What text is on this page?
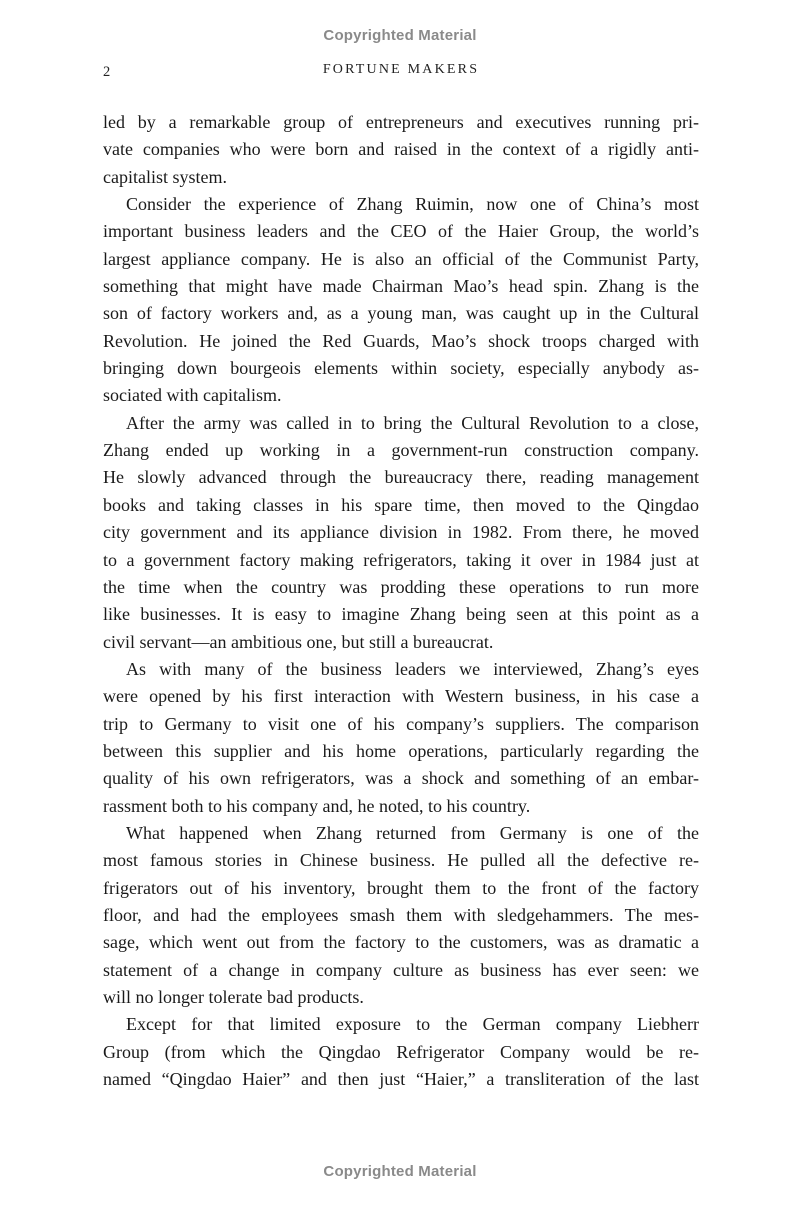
Copyrighted Material
2	FORTUNE MAKERS
led by a remarkable group of entrepreneurs and executives running pri-
vate companies who were born and raised in the context of a rigidly anti-
capitalist system.
Consider the experience of Zhang Ruimin, now one of China’s most
important business leaders and the CEO of the Haier Group, the world’s
largest appliance company. He is also an official of the Communist Party,
something that might have made Chairman Mao’s head spin. Zhang is the
son of factory workers and, as a young man, was caught up in the Cultural
Revolution. He joined the Red Guards, Mao’s shock troops charged with
bringing down bourgeois elements within society, especially anybody as-
sociated with capitalism.
After the army was called in to bring the Cultural Revolution to a close,
Zhang ended up working in a government-run construction company.
He slowly advanced through the bureaucracy there, reading management
books and taking classes in his spare time, then moved to the Qingdao
city government and its appliance division in 1982. From there, he moved
to a government factory making refrigerators, taking it over in 1984 just at
the time when the country was prodding these operations to run more
like businesses. It is easy to imagine Zhang being seen at this point as a
civil servant—an ambitious one, but still a bureaucrat.
As with many of the business leaders we interviewed, Zhang’s eyes
were opened by his first interaction with Western business, in his case a
trip to Germany to visit one of his company’s suppliers. The comparison
between this supplier and his home operations, particularly regarding the
quality of his own refrigerators, was a shock and something of an embar-
rassment both to his company and, he noted, to his country.
What happened when Zhang returned from Germany is one of the
most famous stories in Chinese business. He pulled all the defective re-
frigerators out of his inventory, brought them to the front of the factory
floor, and had the employees smash them with sledgehammers. The mes-
sage, which went out from the factory to the customers, was as dramatic a
statement of a change in company culture as business has ever seen: we
will no longer tolerate bad products.
Except for that limited exposure to the German company Liebherr
Group (from which the Qingdao Refrigerator Company would be re-
named “Qingdao Haier” and then just “Haier,” a transliteration of the last
Copyrighted Material
